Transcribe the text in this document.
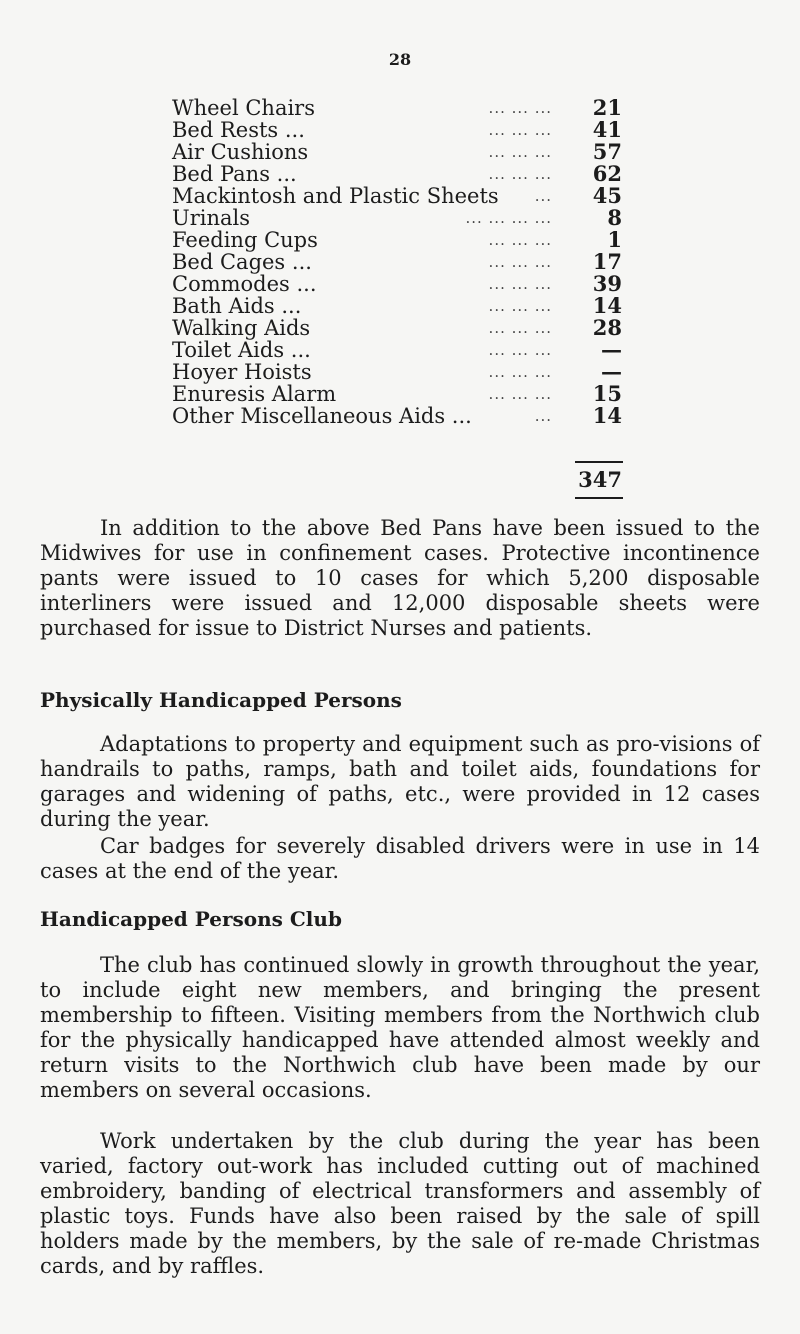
28
Wheel Chairs	... ... ...	21
Bed Rests ...	... ... ...	41
Air Cushions	... ... ...	57
Bed Pans ...	... ... ...	62
Mackintosh and Plastic Sheets ...	45
Urinals	... ... ... ...	8
Feeding Cups	... ... ...	1
Bed Cages ...	... ... ...	17
Commodes ...	... ... ...	39
Bath Aids ...	... ... ...	14
Walking Aids	... ... ...	28
Toilet Aids ...	... ... ...	—
Hoyer Hoists	... ... ...	—
Enuresis Alarm	... ... ...	15
Other Miscellaneous Aids ...	...	14
347

In addition to the above Bed Pans have been issued to the Midwives for use in confinement cases. Protective incontinence pants were issued to 10 cases for which 5,200 disposable interliners were issued and 12,000 disposable sheets were purchased for issue to District Nurses and patients.

Physically Handicapped Persons

Adaptations to property and equipment such as pro-visions of handrails to paths, ramps, bath and toilet aids, foundations for garages and widening of paths, etc., were provided in 12 cases during the year.

Car badges for severely disabled drivers were in use in 14 cases at the end of the year.

Handicapped Persons Club

The club has continued slowly in growth throughout the year, to include eight new members, and bringing the present membership to fifteen. Visiting members from the Northwich club for the physically handicapped have attended almost weekly and return visits to the Northwich club have been made by our members on several occasions.

Work undertaken by the club during the year has been varied, factory out-work has included cutting out of machined embroidery, banding of electrical transformers and assembly of plastic toys. Funds have also been raised by the sale of spill holders made by the members, by the sale of re-made Christmas cards, and by raffles.
